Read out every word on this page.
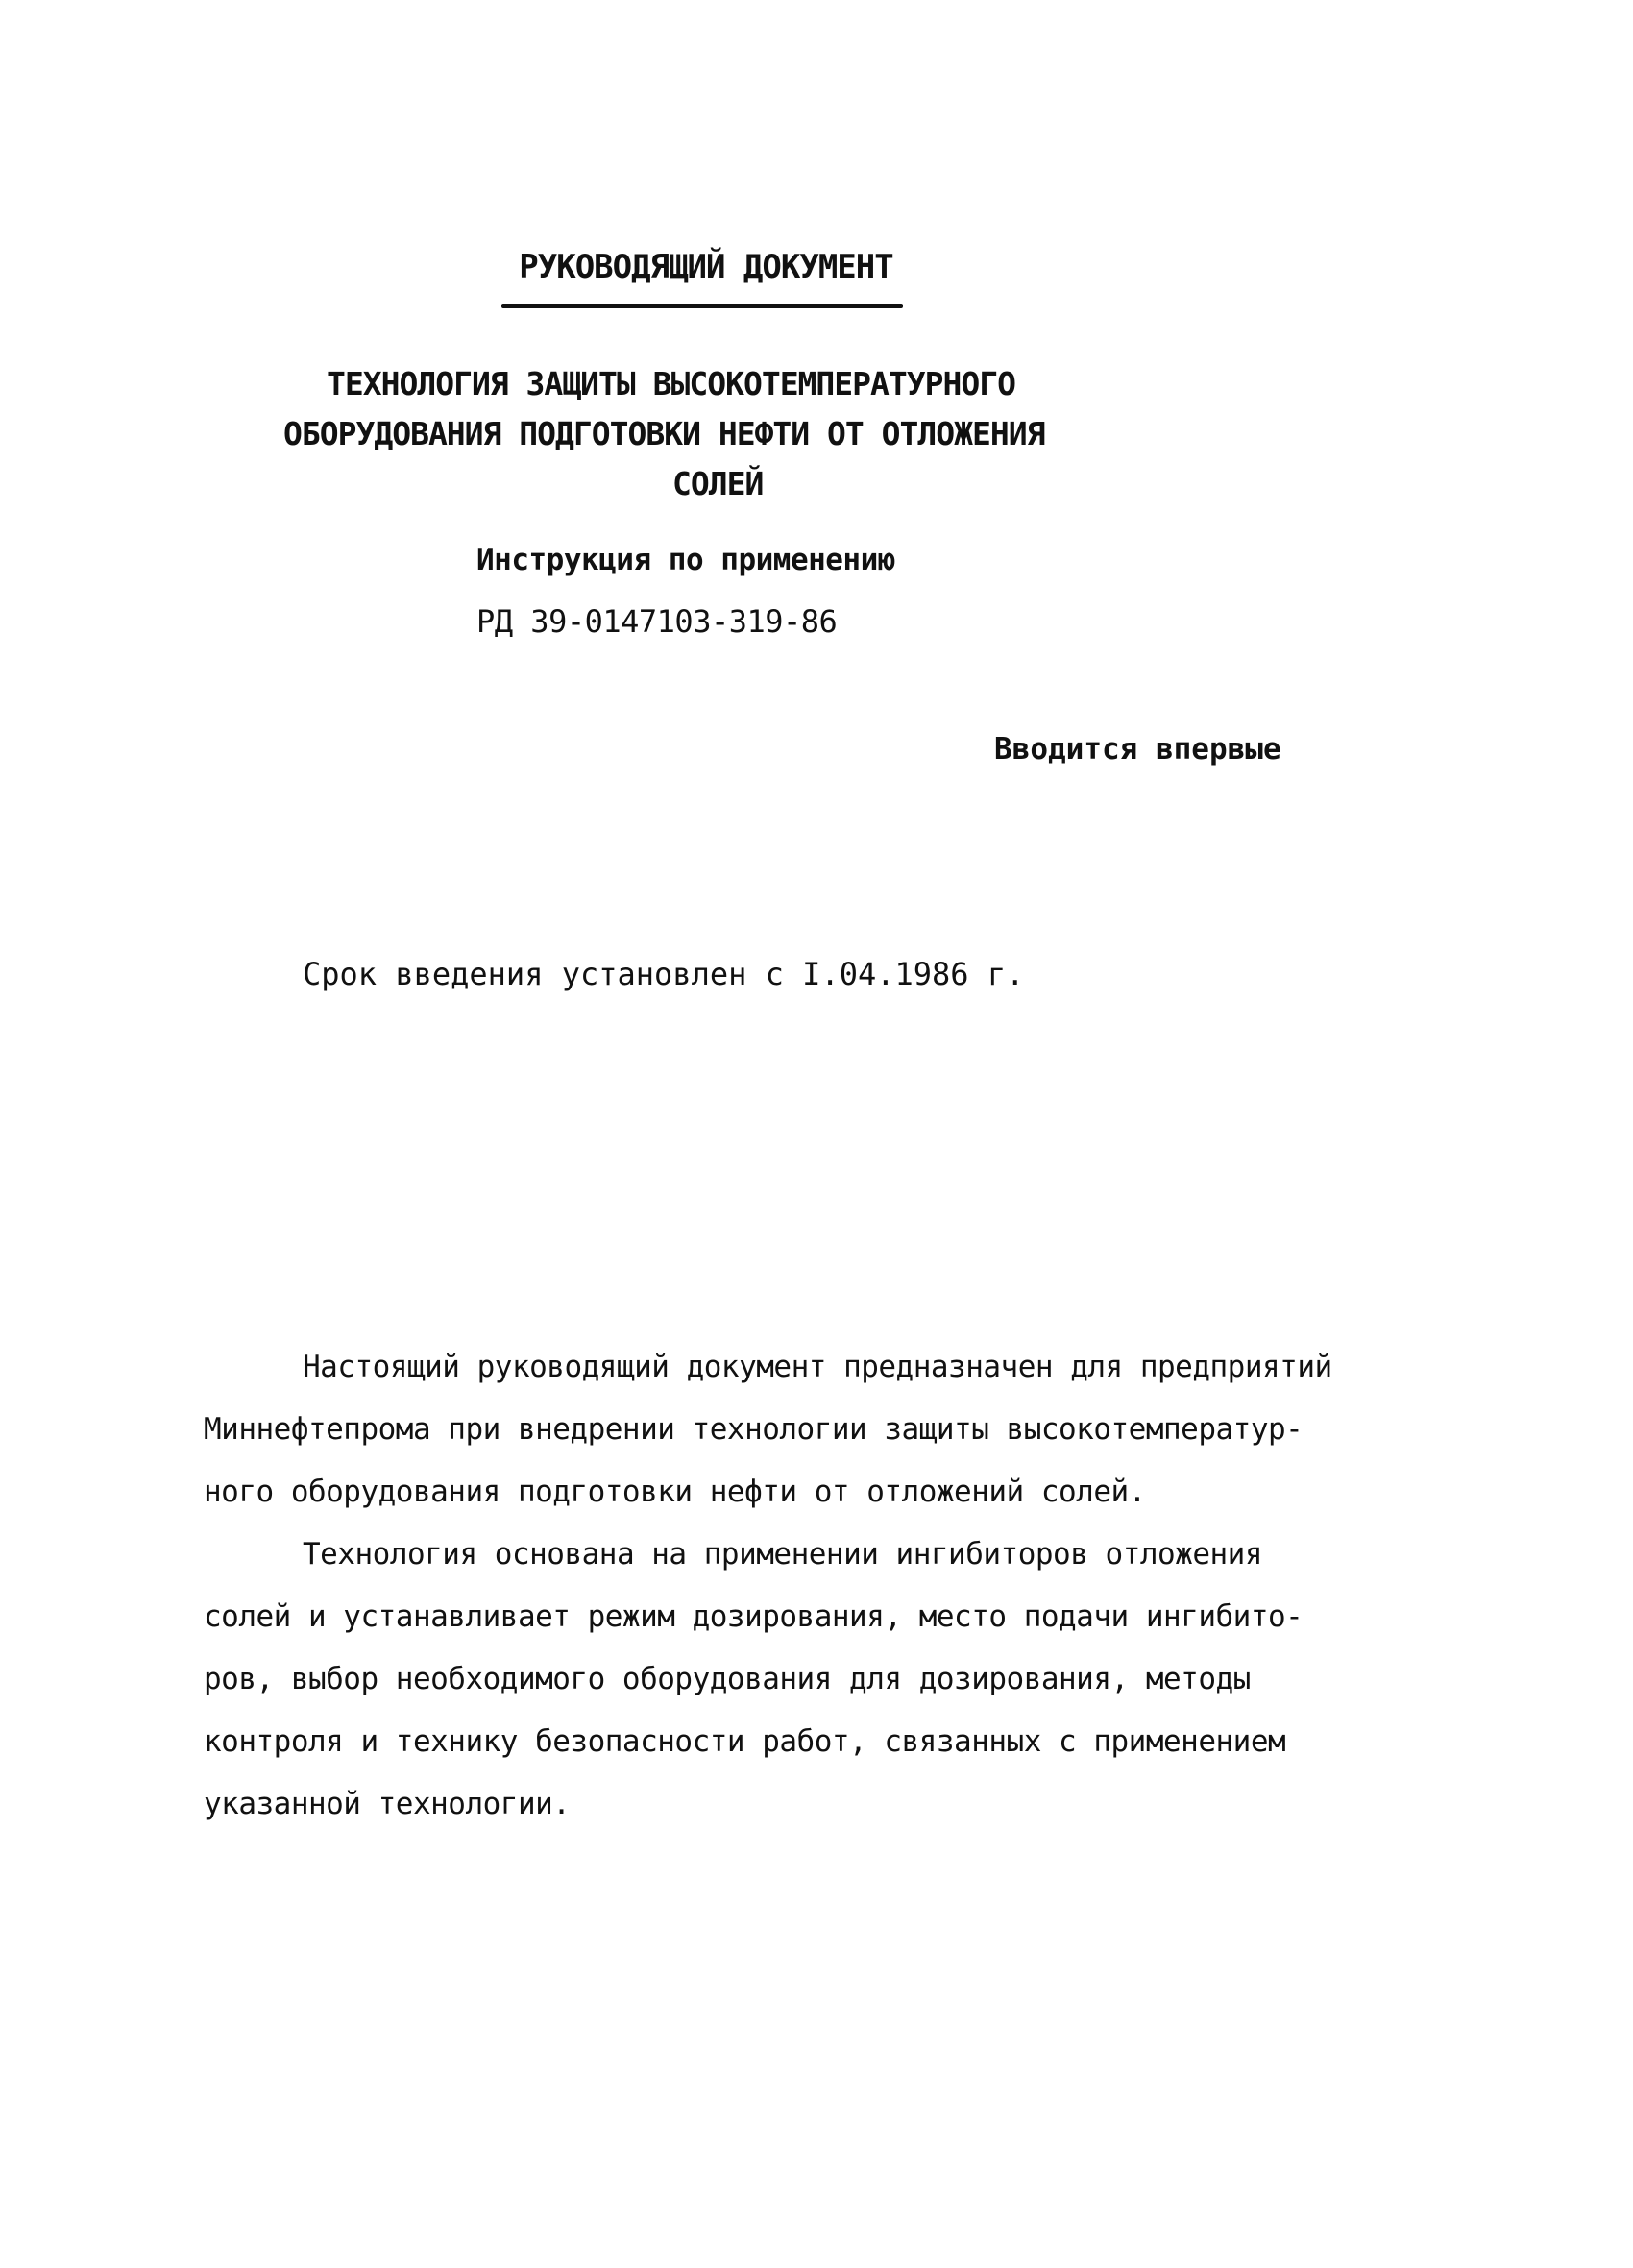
РУКОВОДЯЩИЙ ДОКУМЕНТ
ТЕХНОЛОГИЯ ЗАЩИТЫ ВЫСОКОТЕМПЕРАТУРНОГО
ОБОРУДОВАНИЯ ПОДГОТОВКИ НЕФТИ ОТ ОТЛОЖЕНИЯ
СОЛЕЙ
Инструкция по применению
РД 39-0147103-319-86
Вводится впервые
Срок введения установлен с I.04.1986 г.
Настоящий руководящий документ предназначен для предприятий
Миннефтепрома при внедрении технологии защиты высокотемператур-
ного оборудования подготовки нефти от отложений солей.
Технология основана на применении ингибиторов отложения
солей и устанавливает режим дозирования, место подачи ингибито-
ров, выбор необходимого оборудования для дозирования, методы
контроля и технику безопасности работ, связанных с применением
указанной технологии.
